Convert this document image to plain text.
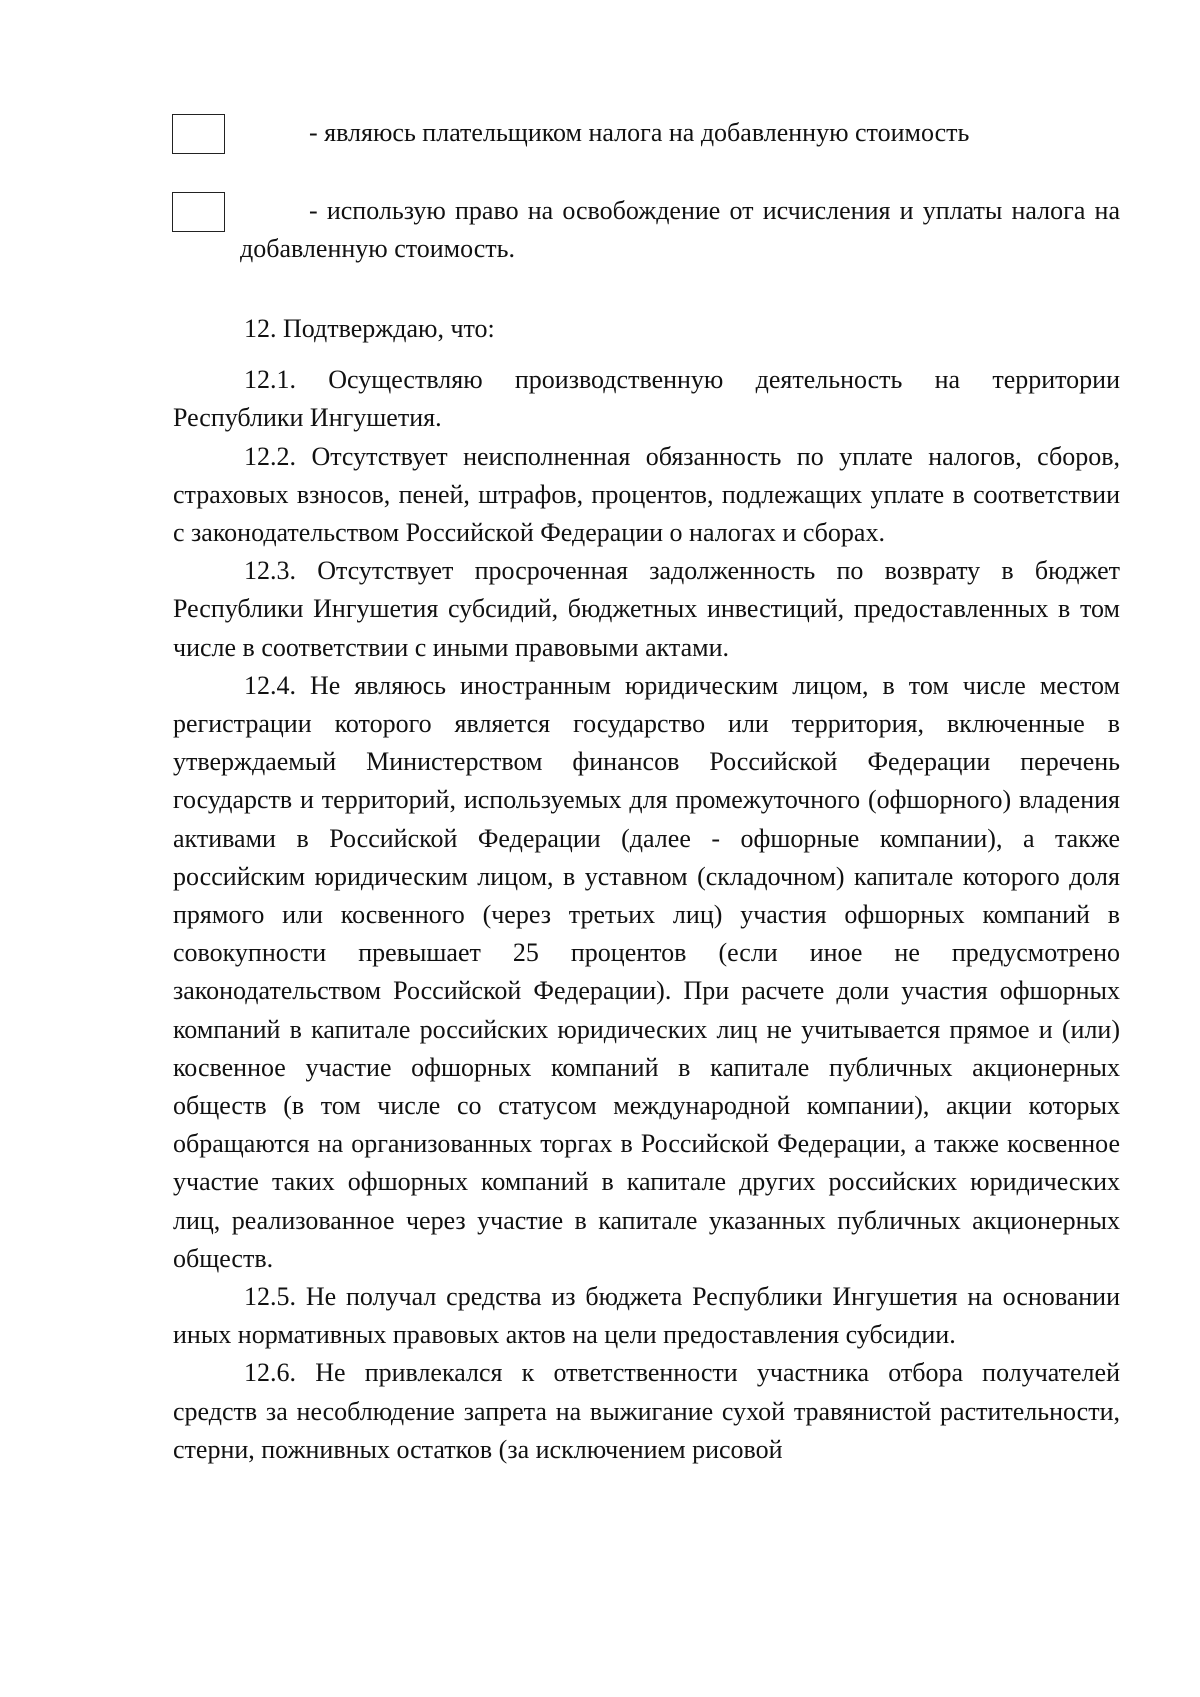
- являюсь плательщиком налога на добавленную стоимость
- использую право на освобождение от исчисления и уплаты налога на добавленную стоимость.

12. Подтверждаю, что:

12.1. Осуществляю производственную деятельность на территории Республики Ингушетия.

12.2. Отсутствует неисполненная обязанность по уплате налогов, сборов, страховых взносов, пеней, штрафов, процентов, подлежащих уплате в соответствии с законодательством Российской Федерации о налогах и сборах.

12.3. Отсутствует просроченная задолженность по возврату в бюджет Республики Ингушетия субсидий, бюджетных инвестиций, предоставленных в том числе в соответствии с иными правовыми актами.

12.4. Не являюсь иностранным юридическим лицом, в том числе местом регистрации которого является государство или территория, включенные в утверждаемый Министерством финансов Российской Федерации перечень государств и территорий, используемых для промежуточного (офшорного) владения активами в Российской Федерации (далее - офшорные компании), а также российским юридическим лицом, в уставном (складочном) капитале которого доля прямого или косвенного (через третьих лиц) участия офшорных компаний в совокупности превышает 25 процентов (если иное не предусмотрено законодательством Российской Федерации). При расчете доли участия офшорных компаний в капитале российских юридических лиц не учитывается прямое и (или) косвенное участие офшорных компаний в капитале публичных акционерных обществ (в том числе со статусом международной компании), акции которых обращаются на организованных торгах в Российской Федерации, а также косвенное участие таких офшорных компаний в капитале других российских юридических лиц, реализованное через участие в капитале указанных публичных акционерных обществ.

12.5. Не получал средства из бюджета Республики Ингушетия на основании иных нормативных правовых актов на цели предоставления субсидии.

12.6. Не привлекался к ответственности участника отбора получателей средств за несоблюдение запрета на выжигание сухой травянистой растительности, стерни, пожнивных остатков (за исключением рисовой
